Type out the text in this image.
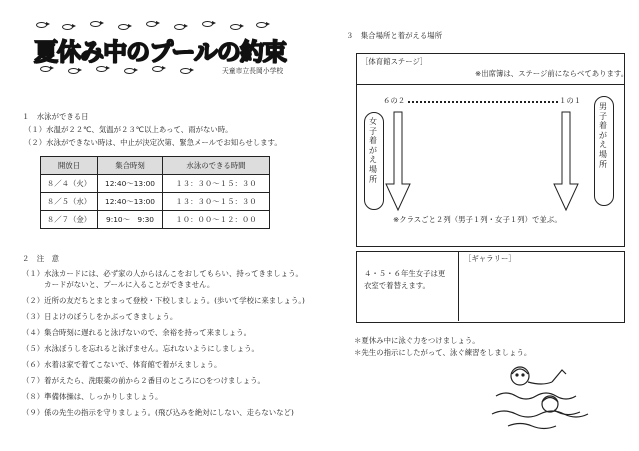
夏休み中のプールの約束
天童市立長岡小学校
１　水泳ができる日
（１）水温が２２℃、気温が２３℃以上あって、雨がない時。
（２）水泳ができない時は、中止が決定次第、緊急メールでお知らせします。
開放日	集合時刻	水泳のできる時間
８／４（火）	12:40～13:00	１３：３０～１５：３０
８／５（水）	12:40～13:00	１３：３０～１５：３０
８／７（金）	9:10～　9:30	１０：００～１２：００
２　注　意
（１）水泳カードには、必ず家の人からはんこをおしてもらい、持ってきましょう。
　　　カードがないと、プールに入ることができません。
（２）近所の友だちとまとまって登校・下校しましょう。(歩いて学校に来ましょう。)
（３）日よけのぼうしをかぶってきましょう。
（４）集合時刻に遅れると泳げないので、余裕を持って来ましょう。
（５）水泳ぼうしを忘れると泳げません。忘れないようにしましょう。
（６）水着は家で着てこないで、体育館で着がえましょう。
（７）着がえたら、洗眼薬の前から２番目のところに○をつけましょう。
（８）準備体操は、しっかりしましょう。
（９）係の先生の指示を守りましょう。(飛び込みを絶対にしない、走らないなど)
３　集合場所と着がえる場所
［体育館ステージ］
※出席簿は、ステージ前にならべてあります。
６の２	１の１
女子着がえ場所
男子着がえ場所
※クラスごと２列（男子１列・女子１列）で並ぶ。
４・５・６年生女子は更衣室で着替えます。
［ギャラリー］
＊夏休み中に泳ぐ力をつけましょう。
＊先生の指示にしたがって、泳ぐ練習をしましょう。
